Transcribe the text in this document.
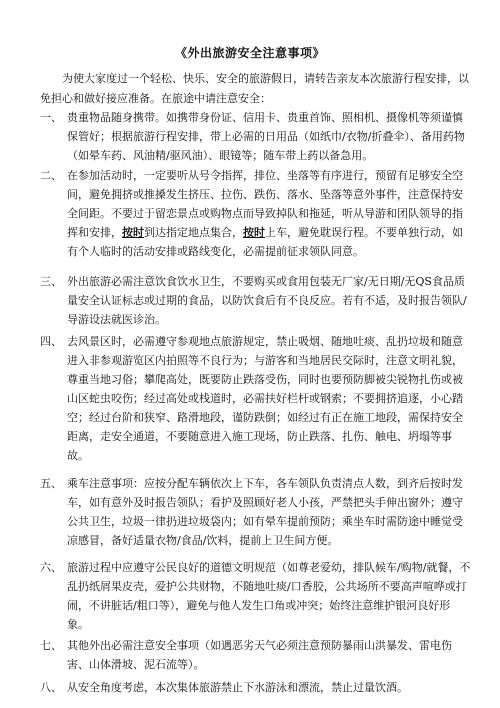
《外出旅游安全注意事项》
为使大家度过一个轻松、快乐、安全的旅游假日，请转告亲友本次旅游行程安排，以免担心和做好接应准备。在旅途中请注意安全：
一、 贵重物品随身携带。如携带身份证、信用卡、贵重首饰、照相机、摄像机等须谨慎保管好；根据旅游行程安排，带上必需的日用品（如纸巾/衣物/折叠伞）、备用药物（如晕车药、风油精/驱风油）、眼镜等；随车带上药以备急用。
二、 在参加活动时，一定要听从号令指挥，排位、坐落等有序进行，预留有足够安全空间，避免拥挤或推搡发生挤压、拉伤、跌伤、落水、坠落等意外事件，注意保持安全间距。不要过于留恋景点或购物点而导致掉队和拖延，听从导游和团队领导的指挥和安排，按时到达指定地点集合，按时上车，避免耽误行程。不要单独行动，如有个人临时的活动安排或路线变化，必需提前征求领队同意。
三、 外出旅游必需注意饮食饮水卫生，不要购买或食用包装无厂家/无日期/无QS食品质量安全认证标志或过期的食品，以防饮食后有不良反应。若有不适，及时报告领队/导游设法就医诊治。
四、 去风景区时，必需遵守参观地点旅游规定，禁止吸烟、随地吐痰、乱扔垃圾和随意进入非参观游览区内拍照等不良行为；与游客和当地居民交际时，注意文明礼貌，尊重当地习俗；攀爬高处，既要防止跌落受伤，同时也要预防脚被尖锐物扎伤或被山区蛇虫咬伤；经过高处或栈道时，必需扶好栏杆或钢索；不要拥挤追逐，小心踏空；经过台阶和狭窄、路滑地段，谨防跌倒；如经过有正在施工地段，需保持安全距离，走安全通道，不要随意进入施工现场，防止跌落、扎伤、触电、坍塌等事故。
五、 乘车注意事项：应按分配车辆依次上下车，各车领队负责清点人数，到齐后按时发车，如有意外及时报告领队；看护及照顾好老人小孩，严禁把头手伸出窗外；遵守公共卫生，垃圾一律扔进垃圾袋内；如有晕车提前预防；乘坐车时需防途中睡觉受凉感冒，备好适量衣物/食品/饮料，提前上卫生间方便。
六、 旅游过程中应遵守公民良好的道德文明规范（如尊老爱幼，排队候车/购物/就餐，不乱扔纸屑果皮壳，爱护公共财物，不随地吐痰/口香胶，公共场所不要高声喧哗或打闹，不讲脏话/粗口等），避免与他人发生口角或冲突；始终注意维护银河良好形象。
七、 其他外出必需注意安全事项（如遇恶劣天气必须注意预防暴雨山洪暴发、雷电伤害、山体滑坡、泥石流等）。
八、 从安全角度考虑，本次集体旅游禁止下水游泳和漂流，禁止过量饮酒。
